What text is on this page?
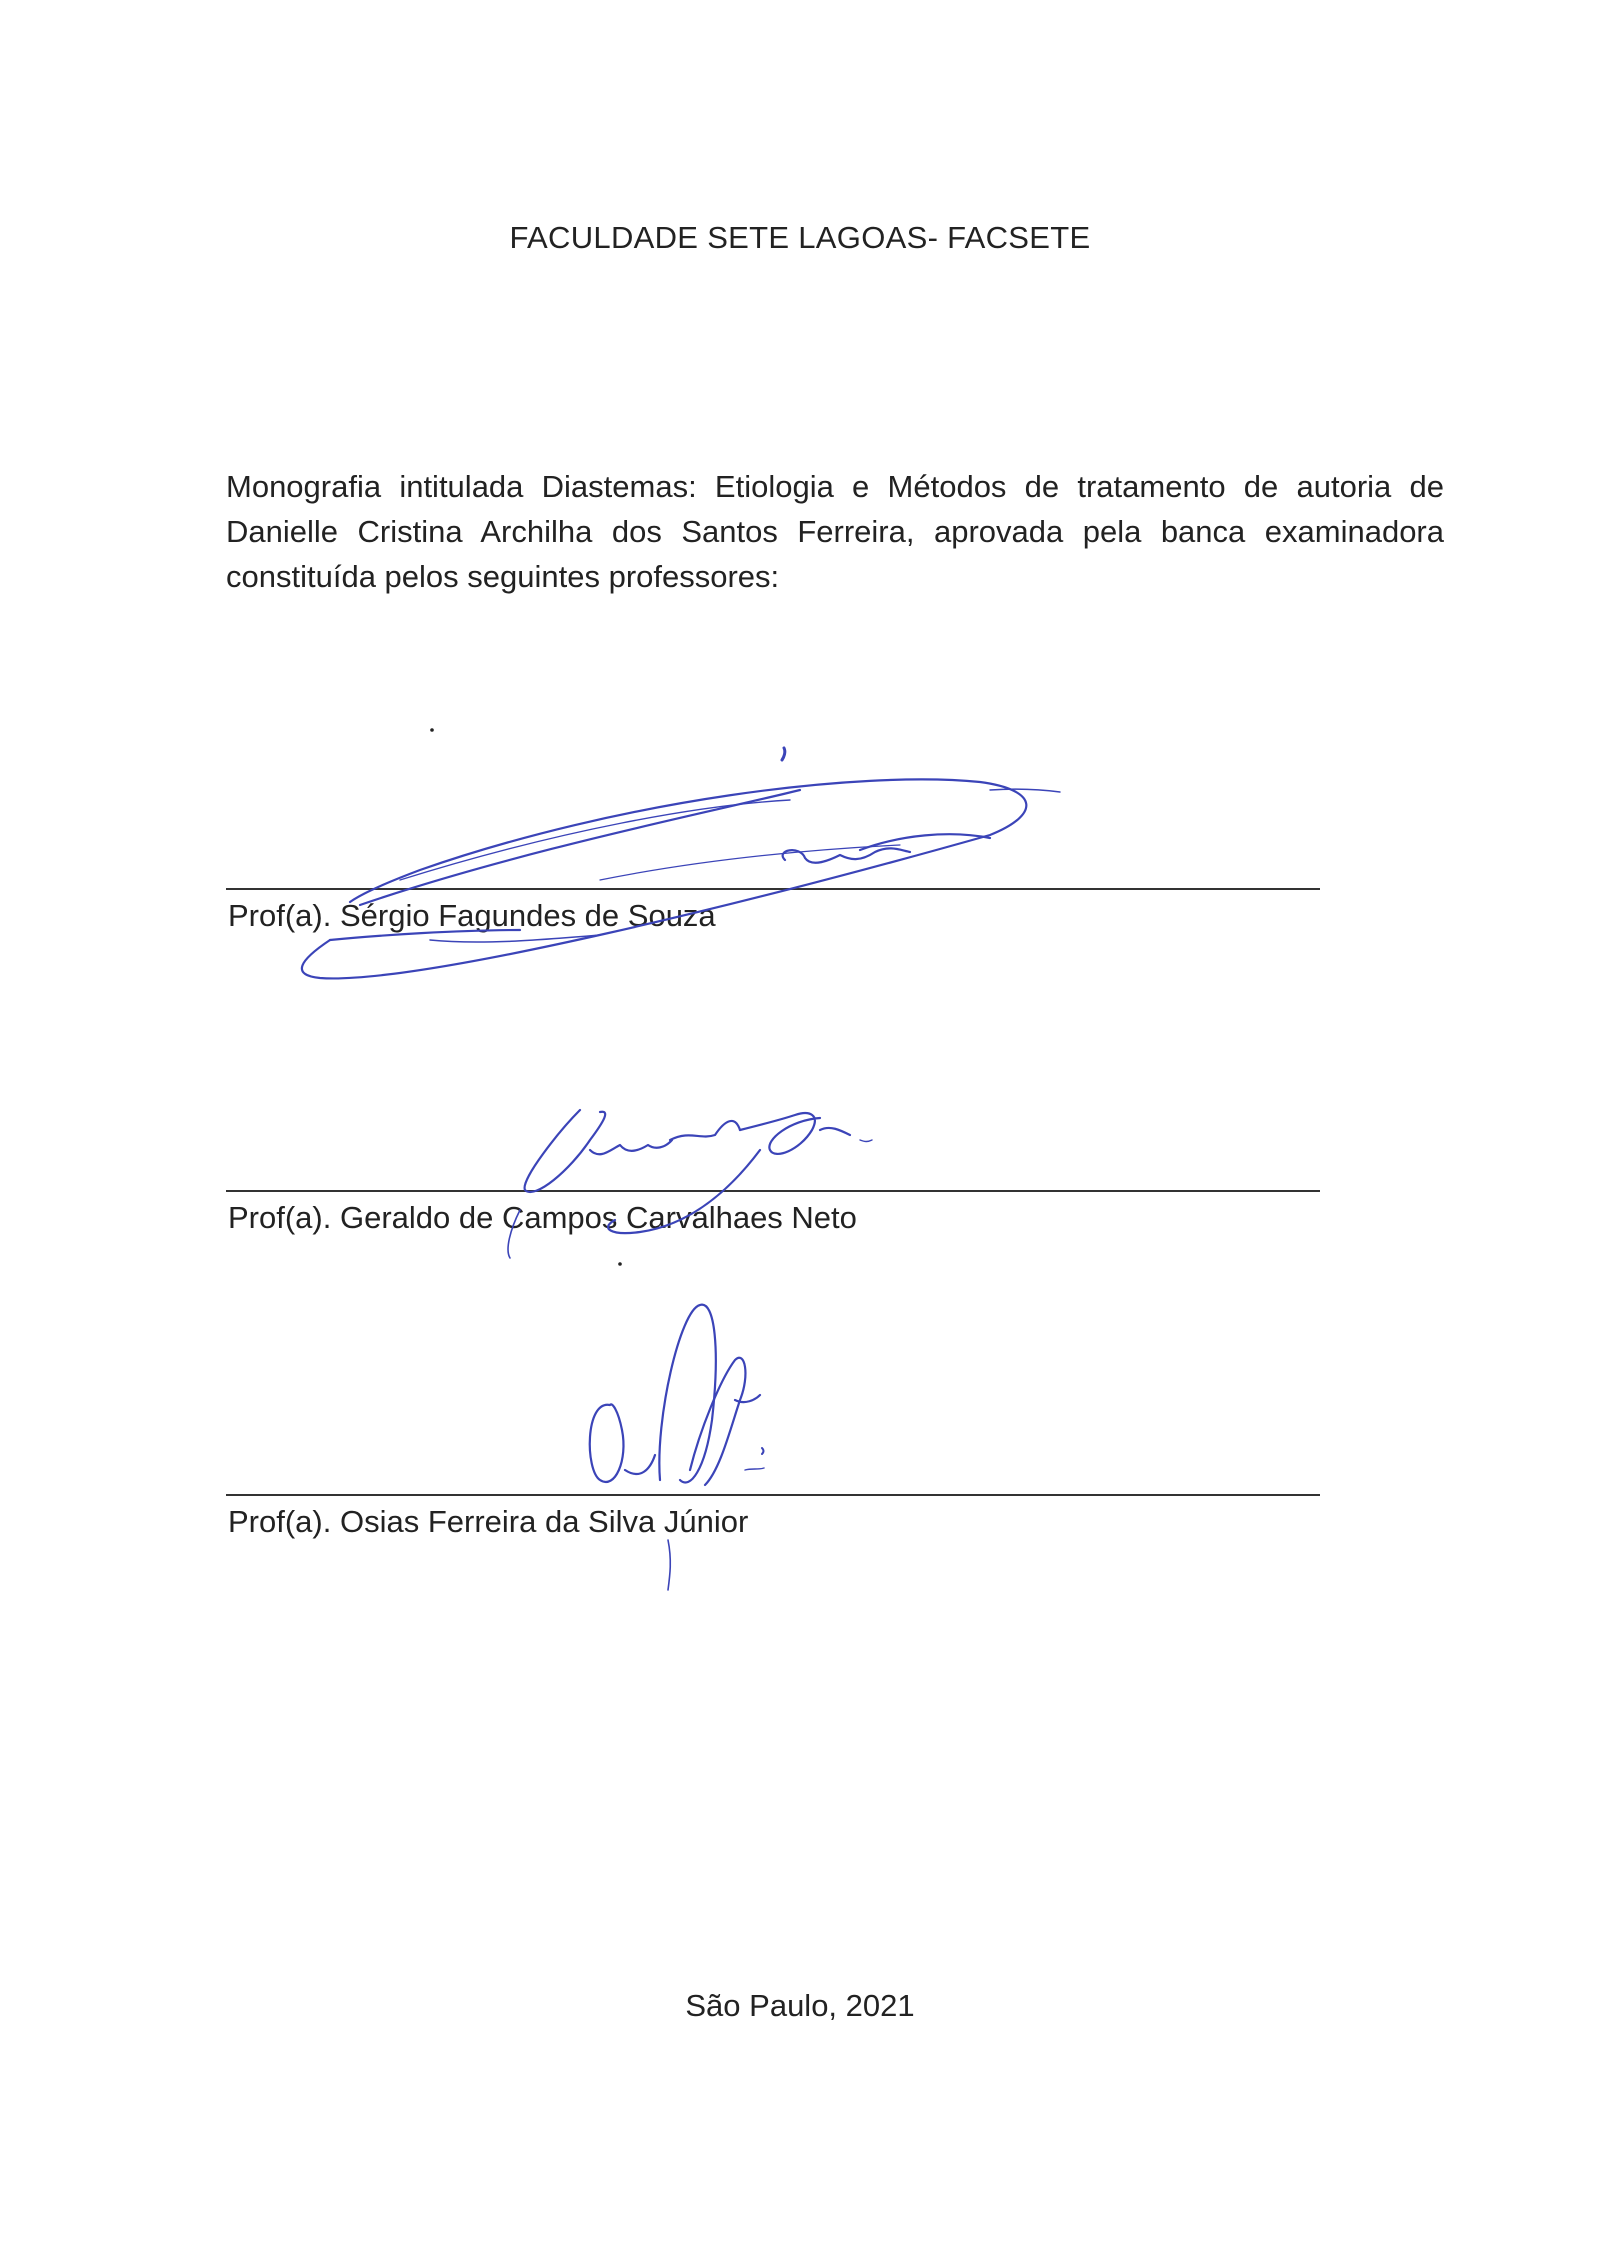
FACULDADE SETE LAGOAS- FACSETE
Monografia intitulada Diastemas: Etiologia e Métodos de tratamento de autoria de Danielle Cristina Archilha dos Santos Ferreira, aprovada pela banca examinadora constituída pelos seguintes professores:
Prof(a). Sérgio Fagundes de Souza
Prof(a). Geraldo de Campos Carvalhaes Neto
Prof(a). Osias Ferreira da Silva Júnior
São Paulo, 2021
